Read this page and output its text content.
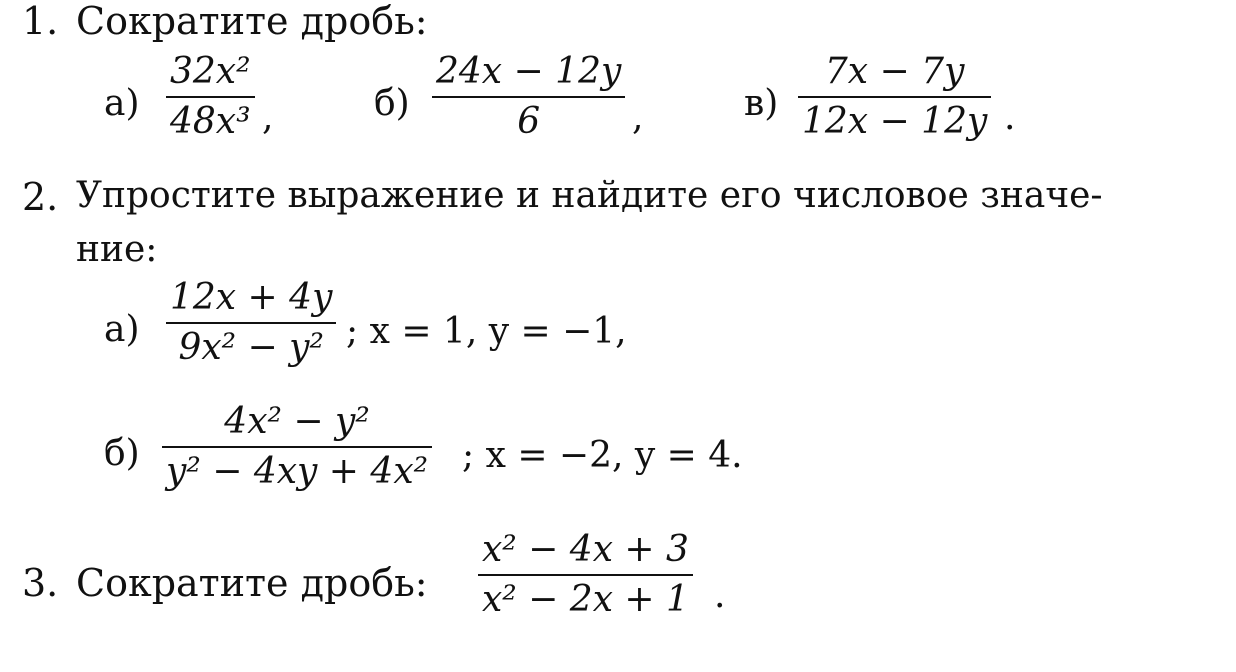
1. Сократите дробь:
а)
32x²
48x³ ,	б)
24x − 12y
6	,	в)
7x − 7y
12x − 12y .
2. Упростите выражение и найдите его числовое значе-
ние:
а)
12x + 4y
9x² − y² ; x = 1, y = −1,
б)
4x² − y²
y² − 4xy + 4x² ; x = −2, y = 4.
3. Сократите дробь:
x² − 4x + 3
x² − 2x + 1 .
